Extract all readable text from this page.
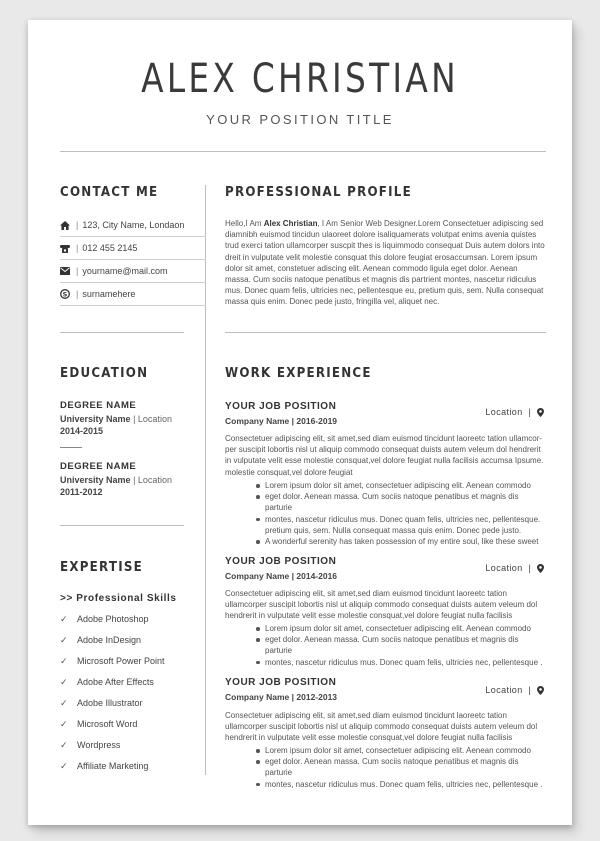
ALEX CHRISTIAN
YOUR POSITION TITLE
CONTACT ME
| 123, City Name, Londaon
| 012 455 2145
| yourname@mail.com
S | surnamehere
EDUCATION
DEGREE NAME
University Name | Location
2014-2015
DEGREE NAME
University Name | Location
2011-2012
EXPERTISE
>> Professional Skills
✓	Adobe Photoshop
✓	Adobe InDesign
✓	Microsoft Power Point
✓	Adobe After Effects
✓	Adobe Illustrator
✓	Microsoft Word
✓	Wordpress
✓	Affiliate Marketing
PROFESSIONAL PROFILE

Hello,I Am Alex Christian, I Am Senior Web Designer.Lorem Consectetuer adipiscing sed diamnibh euismod tincidun ulaoreet dolore isaliquamerats volutpat enims avenia quistes trud exerci tation ullamcorper suscpit thes is liquimmodo consequat Duis autem dolors into dreit in vulputate velit molestie consquat this dolore feugiat erosaccumsan. Lorem ipsum dolor sit amet, constetuer adiscing elit. Aenean commodo ligula eget dolor. Aenean massa. Cum sociis natoque penatibus et magnis dis partrient montes, nascetur ridiculus mus. Donec quam felis, ultricies nec, pellentesque eu, pretium quis, sem. Nulla consequat massa quis enim. Donec pede justo, fringilla vel, aliquet nec.

WORK EXPERIENCE
YOUR JOB POSITION	Location
|

Company Name | 2016-2019

Consectetuer adipiscing elit, sit amet,sed diam euismod tincidunt laoreetc tation ullamcor-per suscipit lobortis nisl ut aliquip commodo consequat duists autem veleum dol hendrerit in vulputate velit esse molestie consquat,vel dolore feugiat nulla facilisis accumsa Ipsume. molestie consquat,vel dolore feugiat

Lorem ipsum dolor sit amet, consectetuer adipiscing elit. Aenean commodo
eget dolor. Aenean massa. Cum sociis natoque penatibus et magnis dis parturie
montes, nascetur ridiculus mus. Donec quam felis, ultricies nec, pellentesque. pretium quis, sem. Nulla consequat massa quis enim. Donec pede justo.
A wonderful serenity has taken possession of my entire soul, like these sweet
YOUR JOB POSITION
Location
|

Company Name | 2014-2016

Consectetuer adipiscing elit, sit amet,sed diam euismod tincidunt laoreetc tation ullamcorper suscipit lobortis nisl ut aliquip commodo consequat duists autem veleum dol hendrerit in vulputate velit esse molestie consquat,vel dolore feugiat nulla facilisis

Lorem ipsum dolor sit amet, consectetuer adipiscing elit. Aenean commodo
eget dolor. Aenean massa. Cum sociis natoque penatibus et magnis dis parturie
montes, nascetur ridiculus mus. Donec quam felis, ultricies nec, pellentesque .
YOUR JOB POSITION
Location
|

Company Name | 2012-2013

Consectetuer adipiscing elit, sit amet,sed diam euismod tincidunt laoreetc tation ullamcorper suscipit lobortis nisl ut aliquip commodo consequat duists autem veleum dol hendrerit in vulputate velit esse molestie consquat,vel dolore feugiat nulla facilisis

Lorem ipsum dolor sit amet, consectetuer adipiscing elit. Aenean commodo
eget dolor. Aenean massa. Cum sociis natoque penatibus et magnis dis parturie
montes, nascetur ridiculus mus. Donec quam felis, ultricies nec, pellentesque .
